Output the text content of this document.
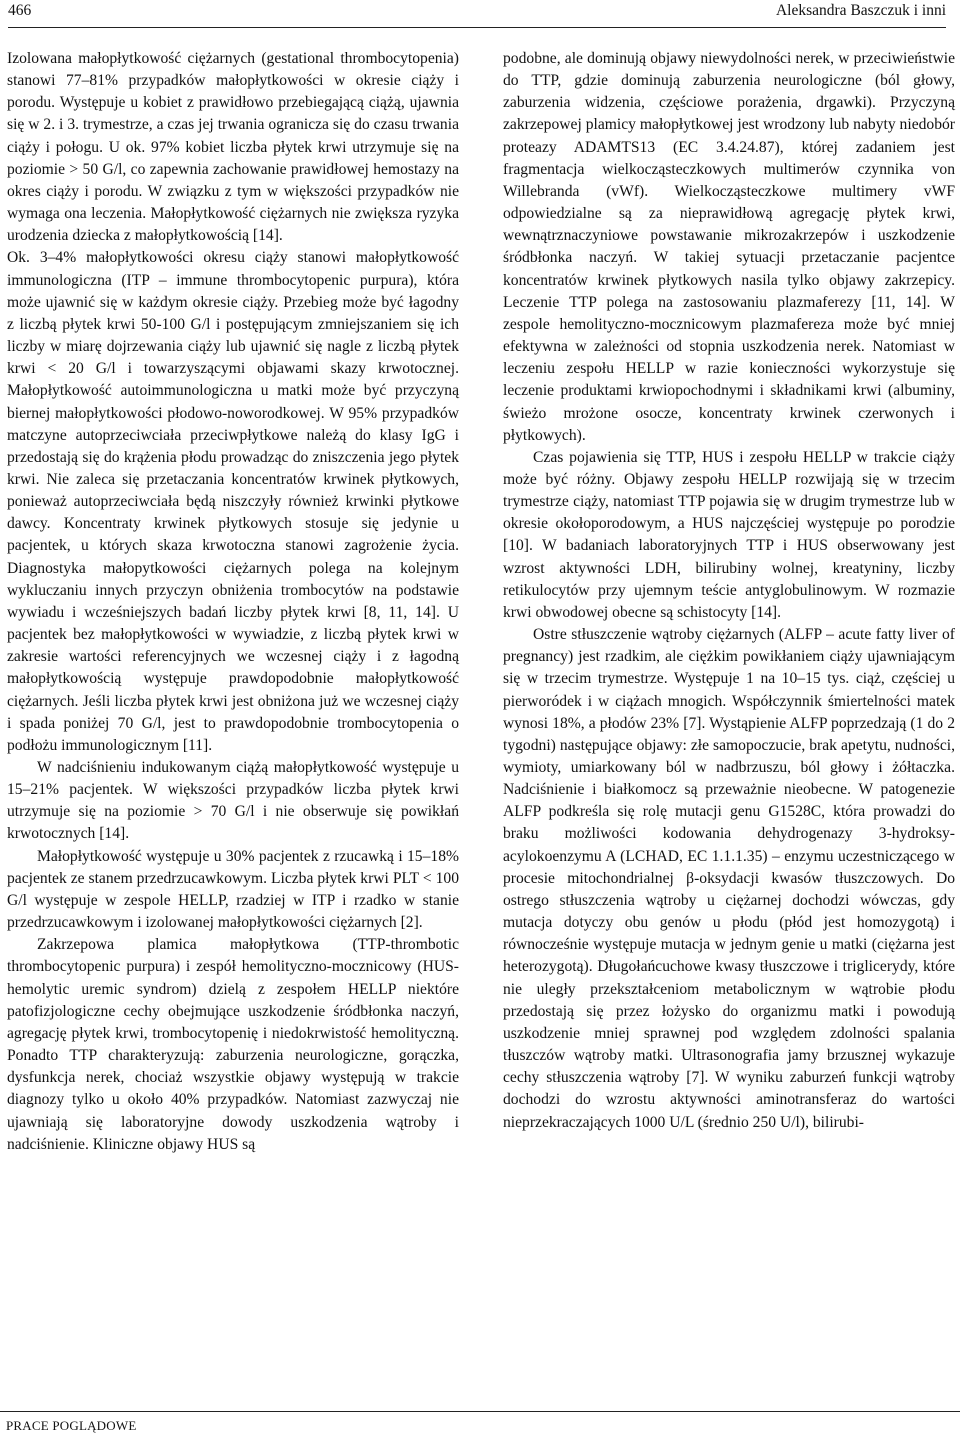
466	Aleksandra Baszczuk i inni

Izolowana małopłytkowość ciężarnych (gestational thrombocytopenia) stanowi 77–81% przypadków małopłytkowości w okresie ciąży i porodu. Występuje u kobiet z prawidłowo przebiegającą ciążą, ujawnia się w 2. i 3. trymestrze, a czas jej trwania ogranicza się do czasu trwania ciąży i połogu. U ok. 97% kobiet liczba płytek krwi utrzymuje się na poziomie > 50 G/l, co zapewnia zachowanie prawidłowej hemostazy na okres ciąży i porodu. W związku z tym w większości przypadków nie wymaga ona leczenia. Małopłytkowość ciężarnych nie zwiększa ryzyka urodzenia dziecka z małopłytkowością [14].

Ok. 3–4% małopłytkowości okresu ciąży stanowi małopłytkowość immunologiczna (ITP – immune thrombocytopenic purpura), która może ujawnić się w każdym okresie ciąży. Przebieg może być łagodny z liczbą płytek krwi 50-100 G/l i postępującym zmniejszaniem się ich liczby w miarę dojrzewania ciąży lub ujawnić się nagle z liczbą płytek krwi < 20 G/l i towarzyszącymi objawami skazy krwotocznej. Małopłytkowość autoimmunologiczna u matki może być przyczyną biernej małopłytkowości płodowo-noworodkowej. W 95% przypadków matczyne autoprzeciwciała przeciwpłytkowe należą do klasy IgG i przedostają się do krążenia płodu prowadząc do zniszczenia jego płytek krwi. Nie zaleca się przetaczania koncentratów krwinek płytkowych, ponieważ autoprzeciwciała będą niszczyły również krwinki płytkowe dawcy. Koncentraty krwinek płytkowych stosuje się jedynie u pacjentek, u których skaza krwotoczna stanowi zagrożenie życia. Diagnostyka małopytkowości ciężarnych polega na kolejnym wykluczaniu innych przyczyn obniżenia trombocytów na podstawie wywiadu i wcześniejszych badań liczby płytek krwi [8, 11, 14]. U pacjentek bez małopłytkowości w wywiadzie, z liczbą płytek krwi w zakresie wartości referencyjnych we wczesnej ciąży i z łagodną małopłytkowością występuje prawdopodobnie małopłytkowość ciężarnych. Jeśli liczba płytek krwi jest obniżona już we wczesnej ciąży i spada poniżej 70 G/l, jest to prawdopodobnie trombocytopenia o podłożu immunologicznym [11].

W nadciśnieniu indukowanym ciążą małopłytkowość występuje u 15–21% pacjentek. W większości przypadków liczba płytek krwi utrzymuje się na poziomie > 70 G/l i nie obserwuje się powikłań krwotocznych [14].

Małopłytkowość występuje u 30% pacjentek z rzucawką i 15–18% pacjentek ze stanem przedrzucawkowym. Liczba płytek krwi PLT < 100 G/l występuje w zespole HELLP, rzadziej w ITP i rzadko w stanie przedrzucawkowym i izolowanej małopłytkowości ciężarnych [2].

Zakrzepowa plamica małopłytkowa (TTP-thrombotic thrombocytopenic purpura) i zespół hemolityczno-mocznicowy (HUS-hemolytic uremic syndrom) dzielą z zespołem HELLP niektóre patofizjologiczne cechy obejmujące uszkodzenie śródbłonka naczyń, agregację płytek krwi, trombocytopenię i niedokrwistość hemolityczną. Ponadto TTP charakteryzują: zaburzenia neurologiczne, gorączka, dysfunkcja nerek, chociaż wszystkie objawy występują w trakcie diagnozy tylko u około 40% przypadków. Natomiast zazwyczaj nie ujawniają się laboratoryjne dowody uszkodzenia wątroby i nadciśnienie. Kliniczne objawy HUS są

podobne, ale dominują objawy niewydolności nerek, w przeciwieństwie do TTP, gdzie dominują zaburzenia neurologiczne (ból głowy, zaburzenia widzenia, częściowe porażenia, drgawki). Przyczyną zakrzepowej plamicy małopłytkowej jest wrodzony lub nabyty niedobór proteazy ADAMTS13 (EC 3.4.24.87), której zadaniem jest fragmentacja wielkocząsteczkowych multimerów czynnika von Willebranda (vWf). Wielkocząsteczkowe multimery vWF odpowiedzialne są za nieprawidłową agregację płytek krwi, wewnątrznaczyniowe powstawanie mikrozakrzepów i uszkodzenie śródbłonka naczyń. W takiej sytuacji przetaczanie pacjentce koncentratów krwinek płytkowych nasila tylko objawy zakrzepicy. Leczenie TTP polega na zastosowaniu plazmaferezy [11, 14]. W zespole hemolityczno-mocznicowym plazmafereza może być mniej efektywna w zależności od stopnia uszkodzenia nerek. Natomiast w leczeniu zespołu HELLP w razie konieczności wykorzystuje się leczenie produktami krwiopochodnymi i składnikami krwi (albuminy, świeżo mrożone osocze, koncentraty krwinek czerwonych i płytkowych).

Czas pojawienia się TTP, HUS i zespołu HELLP w trakcie ciąży może być różny. Objawy zespołu HELLP rozwijają się w trzecim trymestrze ciąży, natomiast TTP pojawia się w drugim trymestrze lub w okresie okołoporodowym, a HUS najczęściej występuje po porodzie [10]. W badaniach laboratoryjnych TTP i HUS obserwowany jest wzrost aktywności LDH, bilirubiny wolnej, kreatyniny, liczby retikulocytów przy ujemnym teście antyglobulinowym. W rozmazie krwi obwodowej obecne są schistocyty [14].

Ostre stłuszczenie wątroby ciężarnych (ALFP – acute fatty liver of pregnancy) jest rzadkim, ale ciężkim powikłaniem ciąży ujawniającym się w trzecim trymestrze. Występuje 1 na 10–15 tys. ciąż, częściej u pierworódek i w ciążach mnogich. Współczynnik śmiertelności matek wynosi 18%, a płodów 23% [7]. Wystąpienie ALFP poprzedzają (1 do 2 tygodni) następujące objawy: złe samopoczucie, brak apetytu, nudności, wymioty, umiarkowany ból w nadbrzuszu, ból głowy i żółtaczka. Nadciśnienie i białkomocz są przeważnie nieobecne. W patogenezie ALFP podkreśla się rolę mutacji genu G1528C, która prowadzi do braku możliwości kodowania dehydrogenazy 3-hydroksy-acylokoenzymu A (LCHAD, EC 1.1.1.35) – enzymu uczestniczącego w procesie mitochondrialnej β-oksydacji kwasów tłuszczowych. Do ostrego stłuszczenia wątroby u ciężarnej dochodzi wówczas, gdy mutacja dotyczy obu genów u płodu (płód jest homozygotą) i równocześnie występuje mutacja w jednym genie u matki (ciężarna jest heterozygotą). Długołańcuchowe kwasy tłuszczowe i triglicerydy, które nie uległy przekształceniom metabolicznym w wątrobie płodu przedostają się przez łożysko do organizmu matki i powodują uszkodzenie mniej sprawnej pod względem zdolności spalania tłuszczów wątroby matki. Ultrasonografia jamy brzusznej wykazuje cechy stłuszczenia wątroby [7]. W wyniku zaburzeń funkcji wątroby dochodzi do wzrostu aktywności aminotransferaz do wartości nieprzekraczających 1000 U/L (średnio 250 U/l), bilirubi-

PRACE POGLĄDOWE
